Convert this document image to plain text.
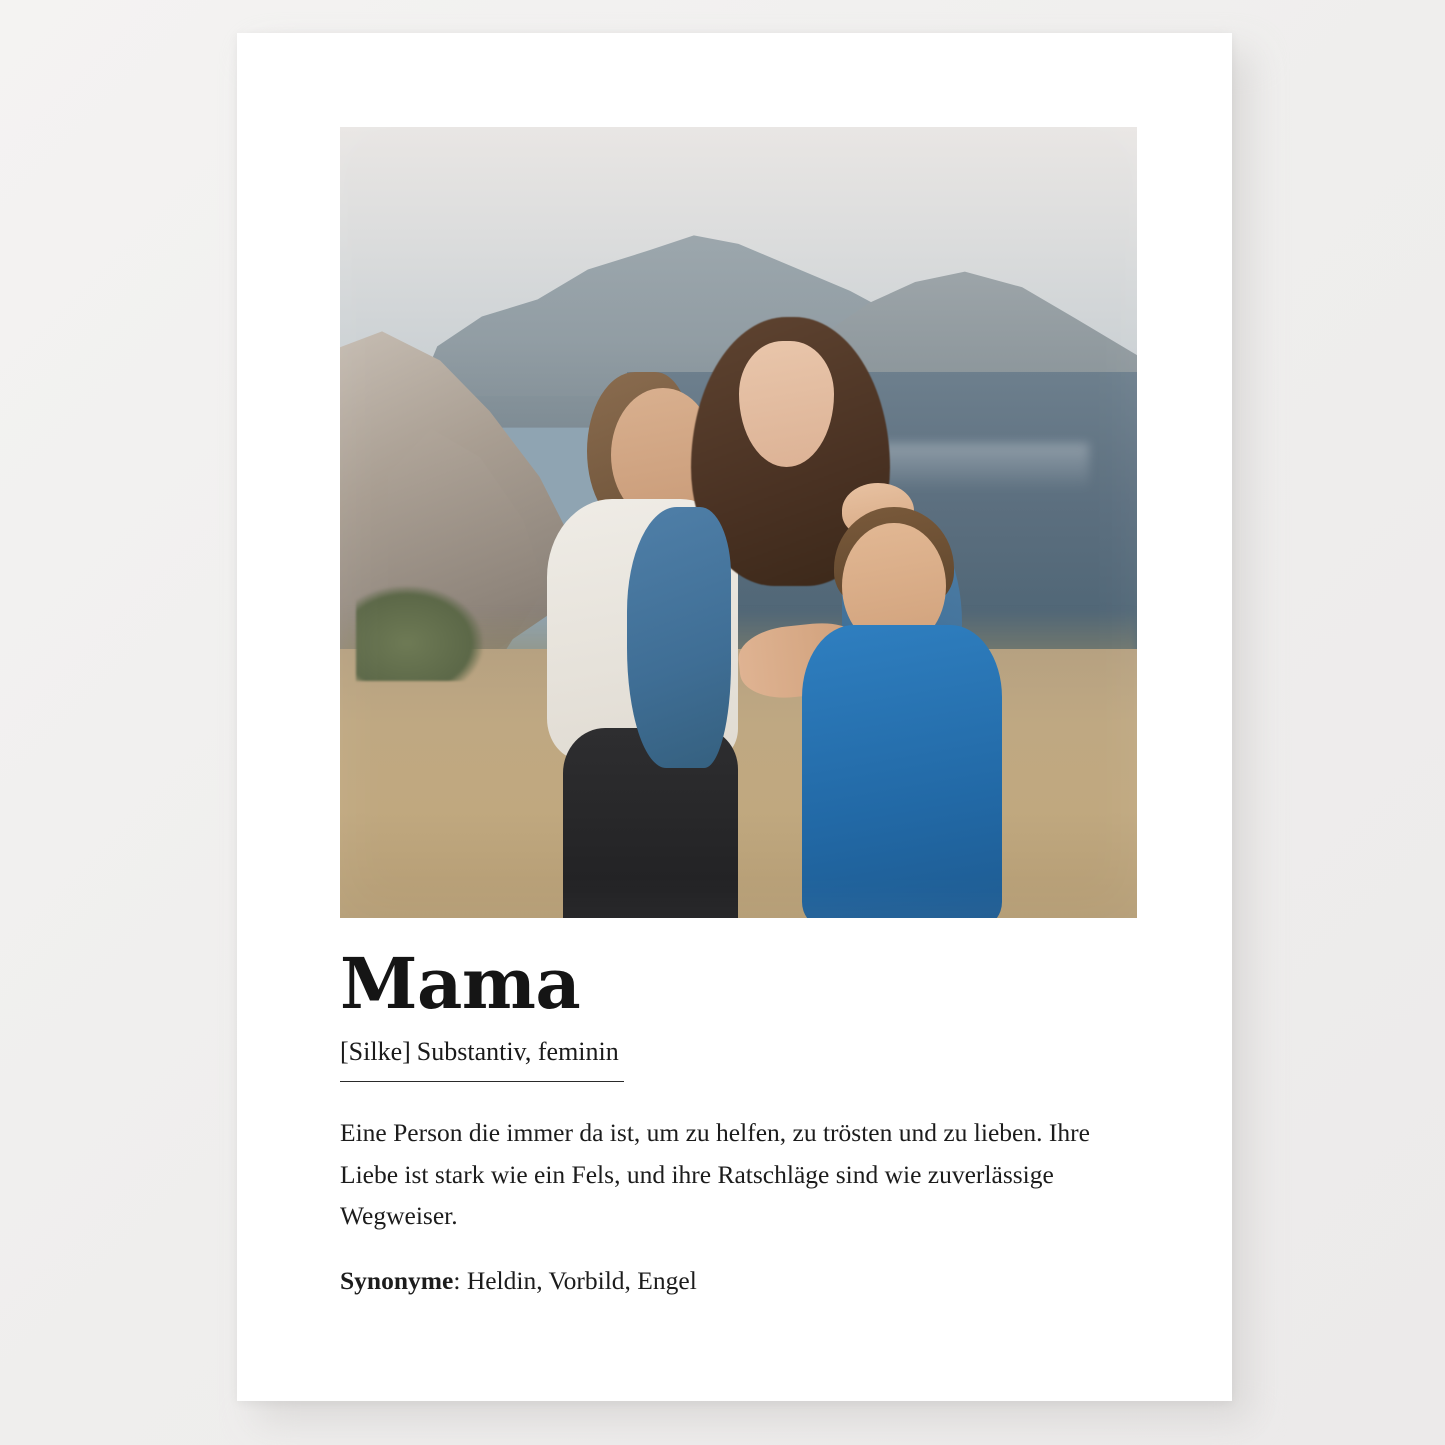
Mama
[Silke] Substantiv, feminin

Eine Person die immer da ist, um zu helfen, zu trösten und zu lieben. Ihre Liebe ist stark wie ein Fels, und ihre Ratschläge sind wie zuverlässige Wegweiser.

Synonyme: Heldin, Vorbild, Engel
